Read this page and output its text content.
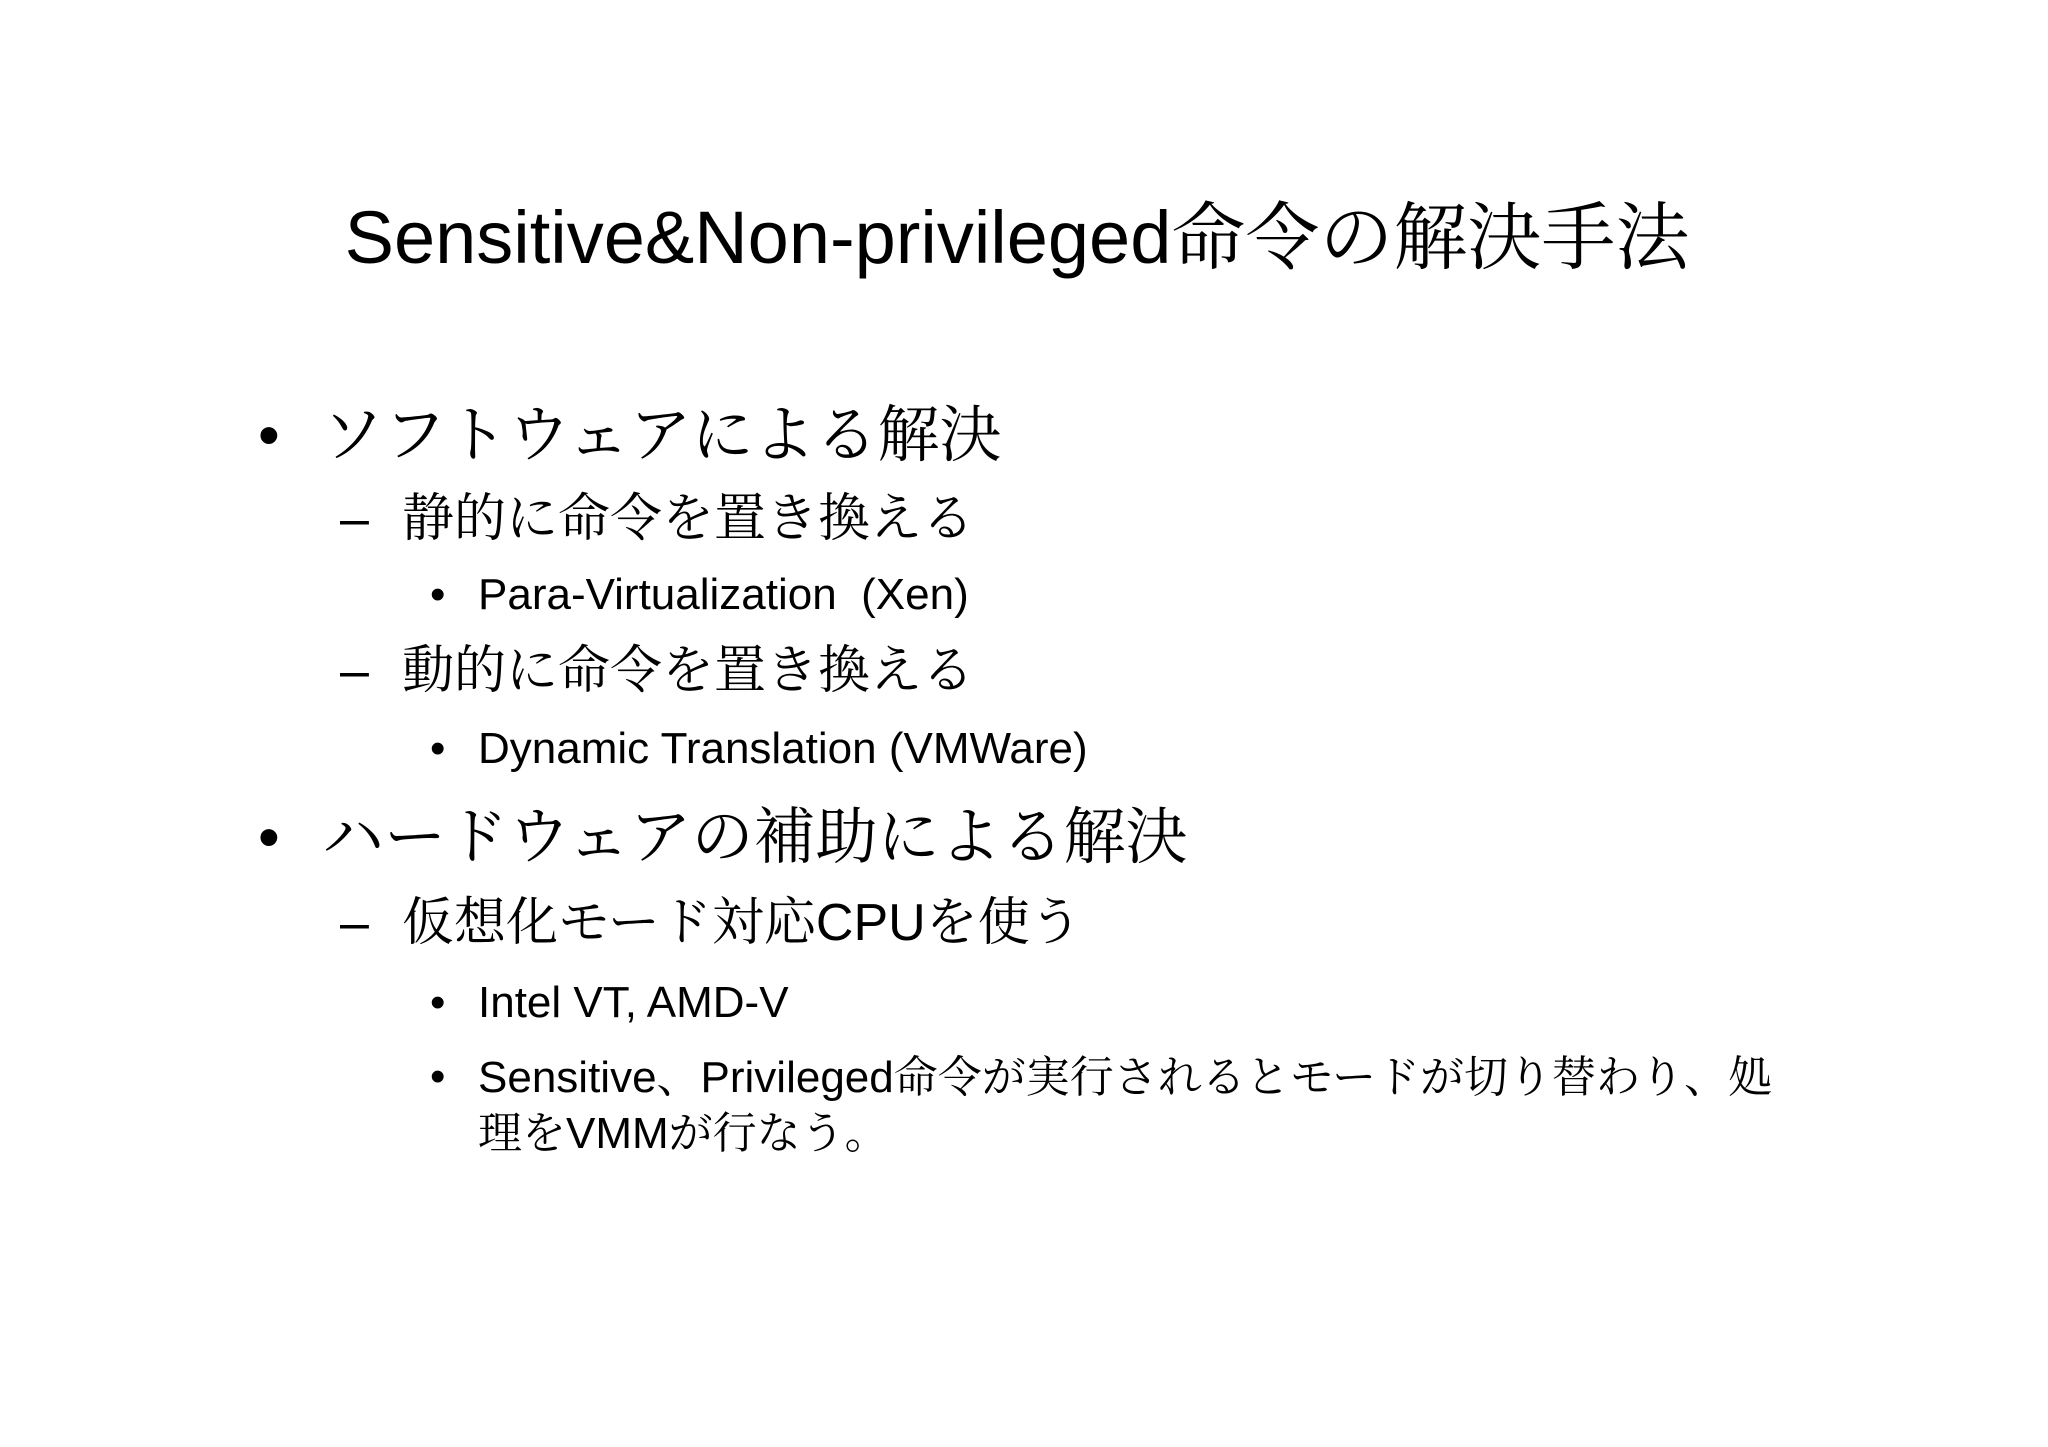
Sensitive&Non-privileged命令の解決手法
• ソフトウェアによる解決
– 静的に命令を置き換える
• Para-Virtualization  (Xen)
– 動的に命令を置き換える
• Dynamic Translation (VMWare)
• ハードウェアの補助による解決
– 仮想化モード対応CPUを使う
• Intel VT, AMD-V
• Sensitive、Privileged命令が実行されるとモードが切り替わり、処理をVMMが行なう。
